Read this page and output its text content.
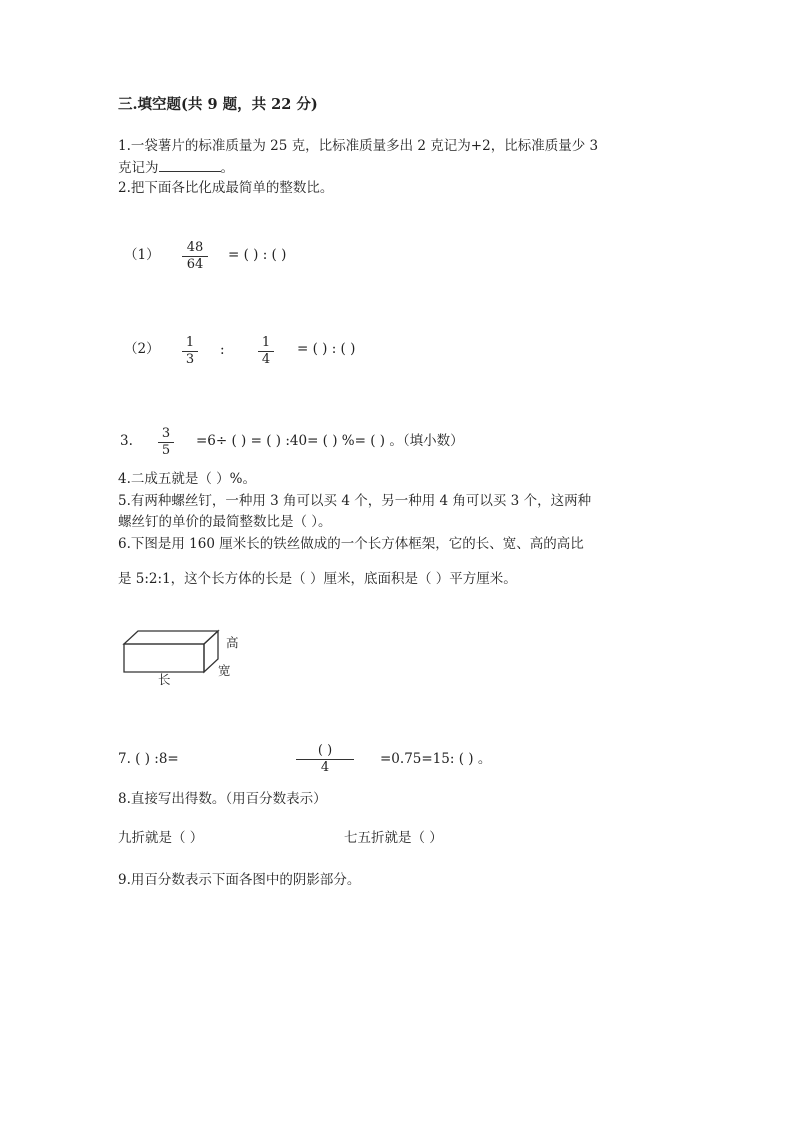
三.填空题(共 9 题，共 22 分)
1.一袋薯片的标准质量为 25 克，比标准质量多出 2 克记为+2，比标准质量少 3
克记为	。
2.把下面各比化成最简单的整数比。
$(1) \frac{48}{64}$ = ( ) : ( )
$(2) \frac{1}{3}$ :	$\frac{1}{4}$ = ( ) : ( )
3. $\frac{3}{5} =6\div$ ( ) = ( ) :40= ( ) %= ( ) 。（填小数）
4.二成五就是（ ）%。
5.有两种螺丝钉，一种用 3 角可以买 4 个，另一种用 4 角可以买 3 个，这两种
螺丝钉的单价的最简整数比是（ ）。
6.下图是用 160 厘米长的铁丝做成的一个长方体框架，它的长、宽、高的高比
是 5:2:1，这个长方体的长是（ ）厘米，底面积是（ ）平方厘米。
高
宽
长
7. ( ) :8=
( )
4
=0.75=15: ( ) 。
8.直接写出得数。（用百分数表示）
九折就是（ ）	七五折就是（ ）
9.用百分数表示下面各图中的阴影部分。
